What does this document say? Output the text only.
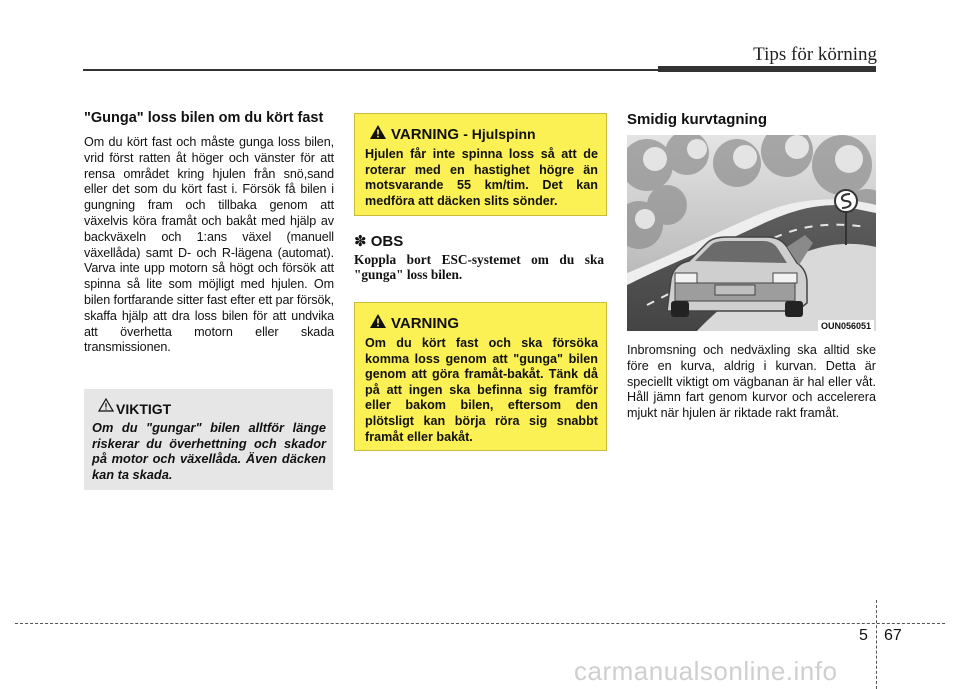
Tips för körning
"Gunga" loss bilen om du kört fast

Om du kört fast och måste gunga loss bilen, vrid först ratten åt höger och vänster för att rensa området kring hjulen från snö,sand eller det som du kört fast i. Försök få bilen i gungning fram och tillbaka genom att växelvis köra framåt och bakåt med hjälp av backväxeln och 1:ans växel (manuell växellåda) samt D- och R-lägena (automat). Varva inte upp motorn så högt och försök att spinna så lite som möjligt med hjulen. Om bilen fortfarande sitter fast efter ett par försök, skaffa hjälp att dra loss bilen för att undvika att överhetta motorn eller skada transmissionen.

VIKTIGT
Om du "gungar" bilen alltför länge riskerar du överhettning och skador på motor och växellåda. Även däcken kan ta skada.
VARNING - Hjulspinn
Hjulen får inte spinna loss så att de roterar med en hastighet högre än motsvarande 55 km/tim. Det kan medföra att däcken slits sönder.
✽ OBS
Koppla bort ESC-systemet om du ska "gunga" loss bilen.
VARNING
Om du kört fast och ska försöka komma loss genom att "gunga" bilen genom att göra framåt-bakåt. Tänk då på att ingen ska befinna sig framför eller bakom bilen, eftersom den plötsligt kan börja röra sig snabbt framåt eller bakåt.
Smidig kurvtagning
OUN056051
Inbromsning och nedväxling ska alltid ske före en kurva, aldrig i kurvan. Detta är speciellt viktigt om vägbanan är hal eller våt. Håll jämn fart genom kurvor och accelerera mjukt när hjulen är riktade rakt framåt.
5 67
carmanualsonline.info
